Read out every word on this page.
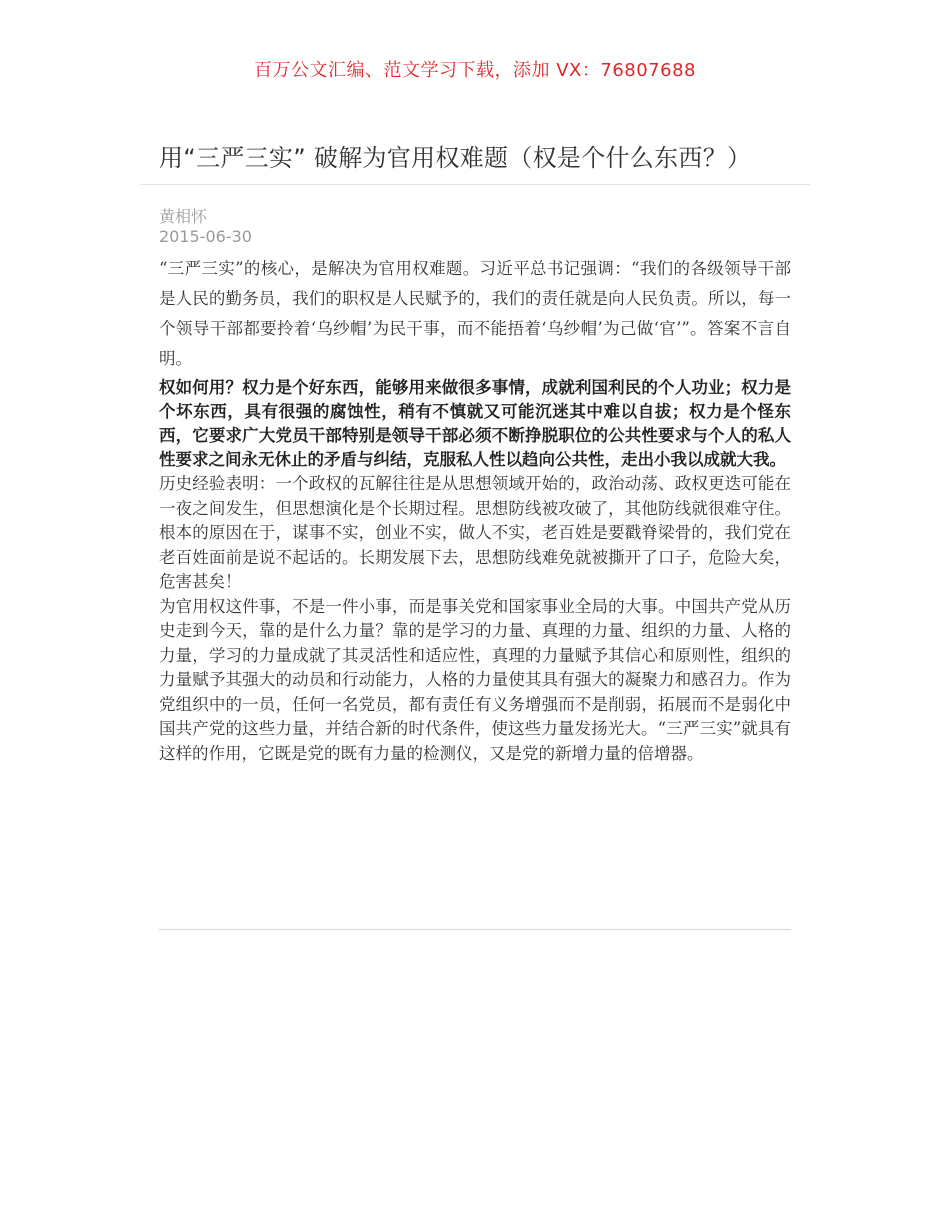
百万公文汇编、范文学习下载，添加 VX：76807688
用“三严三实” 破解为官用权难题（权是个什么东西？）
黄相怀
2015-06-30

“三严三实”的核心，是解决为官用权难题。习近平总书记强调：“我们的各级领导干部是人民的勤务员，我们的职权是人民赋予的，我们的责任就是向人民负责。所以，每一个领导干部都要拎着‘乌纱帽’为民干事，而不能捂着‘乌纱帽’为己做‘官’”。答案不言自明。

权如何用？权力是个好东西，能够用来做很多事情，成就利国利民的个人功业；权力是个坏东西，具有很强的腐蚀性，稍有不慎就又可能沉迷其中难以自拔；权力是个怪东西，它要求广大党员干部特别是领导干部必须不断挣脱职位的公共性要求与个人的私人性要求之间永无休止的矛盾与纠结，克服私人性以趋向公共性，走出小我以成就大我。

历史经验表明：一个政权的瓦解往往是从思想领域开始的，政治动荡、政权更迭可能在一夜之间发生，但思想演化是个长期过程。思想防线被攻破了，其他防线就很难守住。根本的原因在于，谋事不实，创业不实，做人不实，老百姓是要戳脊梁骨的，我们党在老百姓面前是说不起话的。长期发展下去，思想防线难免就被撕开了口子，危险大矣，危害甚矣！

为官用权这件事，不是一件小事，而是事关党和国家事业全局的大事。中国共产党从历史走到今天，靠的是什么力量？靠的是学习的力量、真理的力量、组织的力量、人格的力量，学习的力量成就了其灵活性和适应性，真理的力量赋予其信心和原则性，组织的力量赋予其强大的动员和行动能力，人格的力量使其具有强大的凝聚力和感召力。作为党组织中的一员，任何一名党员，都有责任有义务增强而不是削弱，拓展而不是弱化中国共产党的这些力量，并结合新的时代条件，使这些力量发扬光大。“三严三实”就具有这样的作用，它既是党的既有力量的检测仪，又是党的新增力量的倍增器。
